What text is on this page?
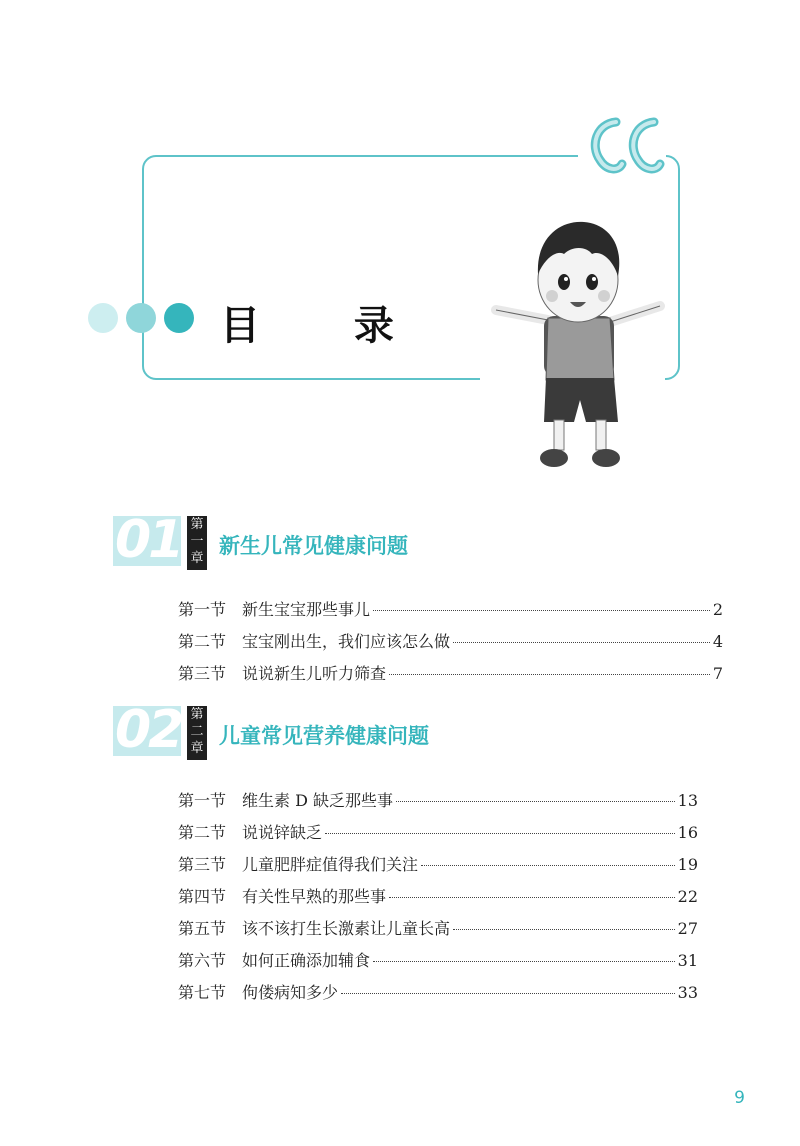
目 录
01 第
一
章
新生儿常见健康问题
第一节 新生宝宝那些事儿	2
第二节 宝宝刚出生，我们应该怎么做	4
第三节 说说新生儿听力筛查	7
02 第
二
章
儿童常见营养健康问题
第一节 维生素 D 缺乏那些事	13
第二节 说说锌缺乏	16
第三节 儿童肥胖症值得我们关注	19
第四节 有关性早熟的那些事	22
第五节 该不该打生长激素让儿童长高	27
第六节 如何正确添加辅食	31
第七节 佝偻病知多少	33
9
